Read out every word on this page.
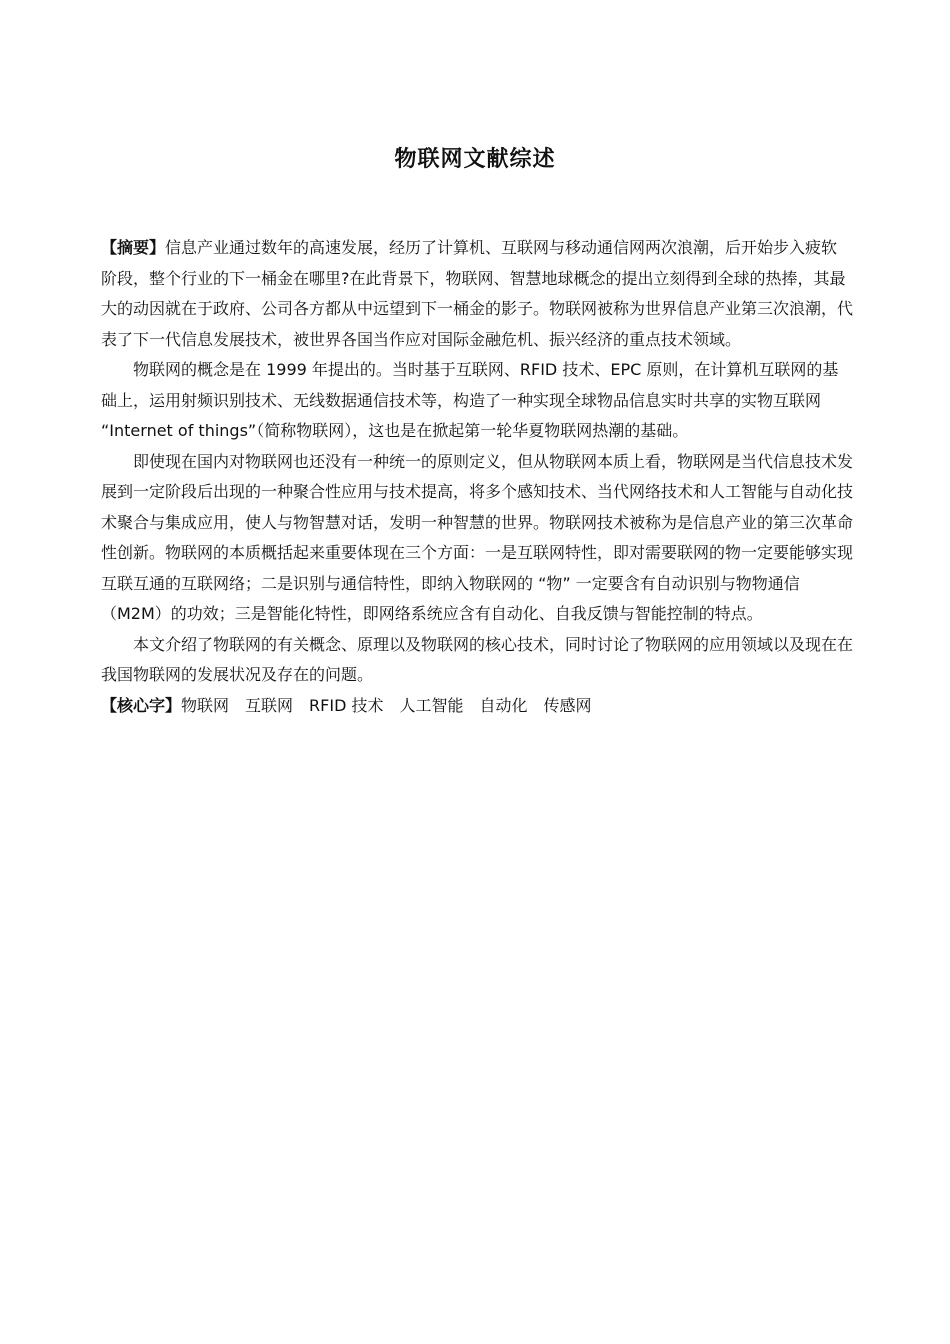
物联网文献综述

【摘要】信息产业通过数年的高速发展，经历了计算机、互联网与移动通信网两次浪潮，后开始步入疲软阶段，整个行业的下一桶金在哪里?在此背景下，物联网、智慧地球概念的提出立刻得到全球的热捧，其最大的动因就在于政府、公司各方都从中远望到下一桶金的影子。物联网被称为世界信息产业第三次浪潮，代表了下一代信息发展技术，被世界各国当作应对国际金融危机、振兴经济的重点技术领域。

物联网的概念是在 1999 年提出的。当时基于互联网、RFID 技术、EPC 原则，在计算机互联网的基础上，运用射频识别技术、无线数据通信技术等，构造了一种实现全球物品信息实时共享的实物互联网 “Internet of things”（简称物联网），这也是在掀起第一轮华夏物联网热潮的基础。

即使现在国内对物联网也还没有一种统一的原则定义，但从物联网本质上看，物联网是当代信息技术发展到一定阶段后出现的一种聚合性应用与技术提高，将多个感知技术、当代网络技术和人工智能与自动化技术聚合与集成应用，使人与物智慧对话，发明一种智慧的世界。物联网技术被称为是信息产业的第三次革命性创新。物联网的本质概括起来重要体现在三个方面：一是互联网特性，即对需要联网的物一定要能够实现互联互通的互联网络；二是识别与通信特性，即纳入物联网的 “物” 一定要含有自动识别与物物通信（M2M）的功效；三是智能化特性，即网络系统应含有自动化、自我反馈与智能控制的特点。

本文介绍了物联网的有关概念、原理以及物联网的核心技术，同时讨论了物联网的应用领域以及现在在我国物联网的发展状况及存在的问题。

【核心字】物联网 互联网 RFID 技术 人工智能 自动化 传感网
